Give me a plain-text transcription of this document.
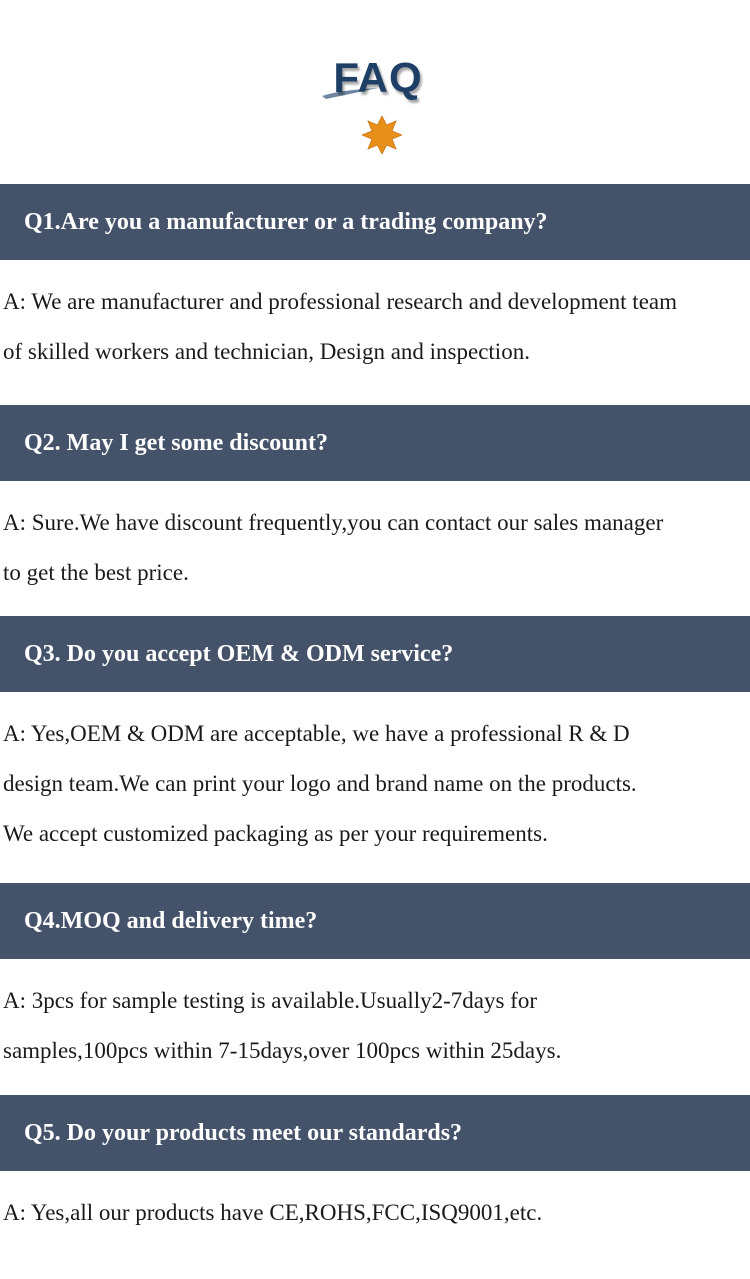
FAQ
Q1.Are you a manufacturer or a trading company?
A: We are manufacturer and professional research and development team
of skilled workers and technician, Design and inspection.
Q2. May I get some discount?
A: Sure.We have discount frequently,you can contact our sales manager
to get the best price.
Q3. Do you accept OEM & ODM service?
A: Yes,OEM & ODM are acceptable, we have a professional R & D
design team.We can print your logo and brand name on the products.
We accept customized packaging as per your requirements.
Q4.MOQ and delivery time?
A: 3pcs for sample testing is available.Usually2-7days for
samples,100pcs within 7-15days,over 100pcs within 25days.
Q5. Do your products meet our standards?
A: Yes,all our products have CE,ROHS,FCC,ISQ9001,etc.
